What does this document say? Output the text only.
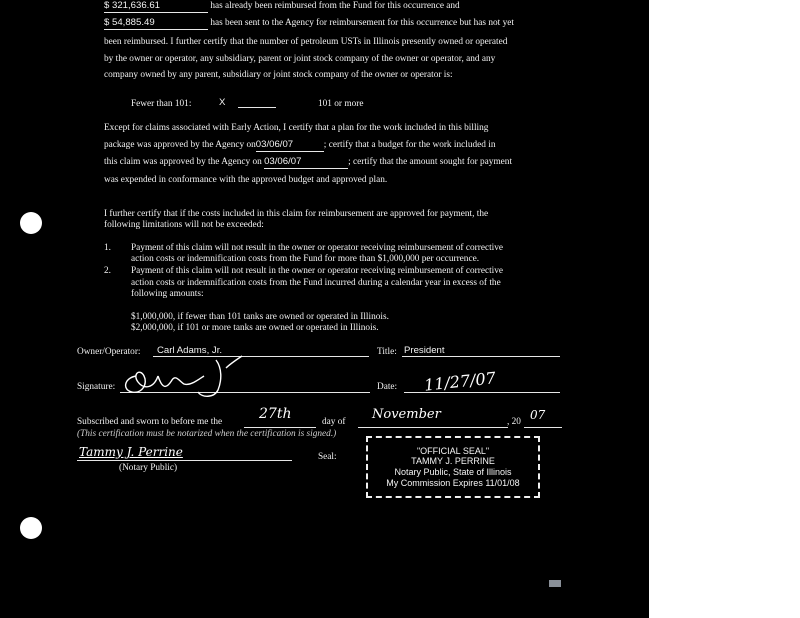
$ 321,636.61	has already been reimbursed from the Fund for this occurrence and
$ 54,885.49	has been sent to the Agency for reimbursement for this occurrence but has not yet
been reimbursed. I further certify that the number of petroleum USTs in Illinois presently owned or operated
by the owner or operator, any subsidiary, parent or joint stock company of the owner or operator, and any
company owned by any parent, subsidiary or joint stock company of the owner or operator is:
Fewer than 101:	X	101 or more
Except for claims associated with Early Action, I certify that a plan for the work included in this billing
package was approved by the Agency on03/06/07	; certify that a budget for the work included in
this claim was approved by the Agency on 03/06/07	; certify that the amount sought for payment
was expended in conformance with the approved budget and approved plan.
I further certify that if the costs included in this claim for reimbursement are approved for payment, the
following limitations will not be exceeded:
1. Payment of this claim will not result in the owner or operator receiving reimbursement of corrective
action costs or indemnification costs from the Fund for more than $1,000,000 per occurrence.
2. Payment of this claim will not result in the owner or operator receiving reimbursement of corrective
action costs or indemnification costs from the Fund incurred during a calendar year in excess of the
following amounts:
$1,000,000, if fewer than 101 tanks are owned or operated in Illinois.
$2,000,000, if 101 or more tanks are owned or operated in Illinois.
Owner/Operator: Carl Adams, Jr.	Title: President
Signature:	Date: 11/27/07
Subscribed and sworn to before me the	27th	day of November	, 20 07
(This certification must be notarized when the certification is signed.)
Tammy J. Perrine
(Notary Public)
Seal:
"OFFICIAL SEAL"
TAMMY J. PERRINE
Notary Public, State of Illinois
My Commission Expires 11/01/08
